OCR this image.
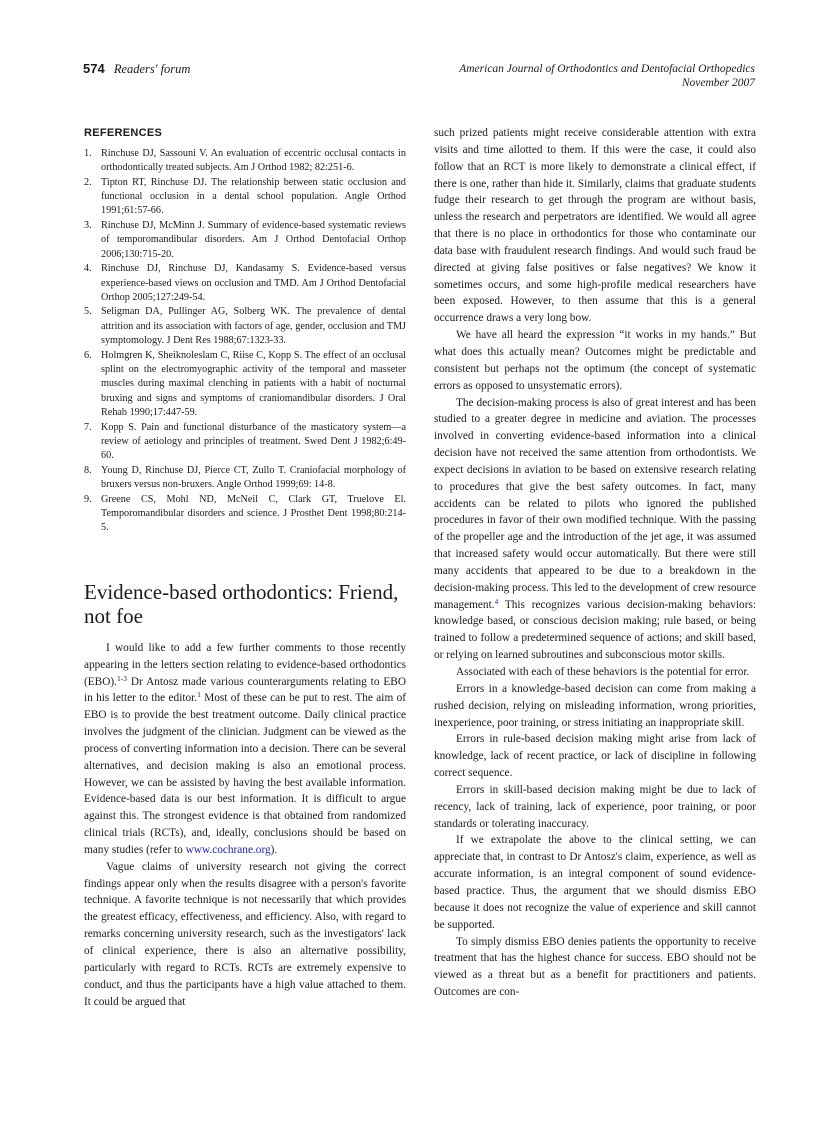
574 Readers' forum	American Journal of Orthodontics and Dentofacial Orthopedics
November 2007
REFERENCES
1. Rinchuse DJ, Sassouni V. An evaluation of eccentric occlusal contacts in orthodontically treated subjects. Am J Orthod 1982; 82:251-6.
2. Tipton RT, Rinchuse DJ. The relationship between static occlusion and functional occlusion in a dental school population. Angle Orthod 1991;61:57-66.
3. Rinchuse DJ, McMinn J. Summary of evidence-based systematic reviews of temporomandibular disorders. Am J Orthod Dentofacial Orthop 2006;130:715-20.
4. Rinchuse DJ, Rinchuse DJ, Kandasamy S. Evidence-based versus experience-based views on occlusion and TMD. Am J Orthod Dentofacial Orthop 2005;127:249-54.
5. Seligman DA, Pullinger AG, Solberg WK. The prevalence of dental attrition and its association with factors of age, gender, occlusion and TMJ symptomology. J Dent Res 1988;67:1323-33.
6. Holmgren K, Sheiknoleslam C, Riise C, Kopp S. The effect of an occlusal splint on the electromyographic activity of the temporal and masseter muscles during maximal clenching in patients with a habit of nocturnal bruxing and signs and symptoms of craniomandibular disorders. J Oral Rehab 1990;17:447-59.
7. Kopp S. Pain and functional disturbance of the masticatory system—a review of aetiology and principles of treatment. Swed Dent J 1982;6:49-60.
8. Young D, Rinchuse DJ, Pierce CT, Zullo T. Craniofacial morphology of bruxers versus non-bruxers. Angle Orthod 1999;69: 14-8.
9. Greene CS, Mohl ND, McNeil C, Clark GT, Truelove El. Temporomandibular disorders and science. J Prosthet Dent 1998;80:214-5.
Evidence-based orthodontics: Friend, not foe

I would like to add a few further comments to those recently appearing in the letters section relating to evidence-based orthodontics (EBO).$^{1-3}$ Dr Antosz made various counterarguments relating to EBO in his letter to the editor.$^1$ Most of these can be put to rest. The aim of EBO is to provide the best treatment outcome. Daily clinical practice involves the judgment of the clinician. Judgment can be viewed as the process of converting information into a decision. There can be several alternatives, and decision making is also an emotional process. However, we can be assisted by having the best available information. Evidence-based data is our best information. It is difficult to argue against this. The strongest evidence is that obtained from randomized clinical trials (RCTs), and, ideally, conclusions should be based on many studies (refer to www.cochrane.org).

Vague claims of university research not giving the correct findings appear only when the results disagree with a person's favorite technique. A favorite technique is not necessarily that which provides the greatest efficacy, effectiveness, and efficiency. Also, with regard to remarks concerning university research, such as the investigators' lack of clinical experience, there is also an alternative possibility, particularly with regard to RCTs. RCTs are extremely expensive to conduct, and thus the participants have a high value attached to them. It could be argued that

such prized patients might receive considerable attention with extra visits and time allotted to them. If this were the case, it could also follow that an RCT is more likely to demonstrate a clinical effect, if there is one, rather than hide it. Similarly, claims that graduate students fudge their research to get through the program are without basis, unless the research and perpetrators are identified. We would all agree that there is no place in orthodontics for those who contaminate our data base with fraudulent research findings. And would such fraud be directed at giving false positives or false negatives? We know it sometimes occurs, and some high-profile medical researchers have been exposed. However, to then assume that this is a general occurrence draws a very long bow.

We have all heard the expression “it works in my hands.” But what does this actually mean? Outcomes might be predictable and consistent but perhaps not the optimum (the concept of systematic errors as opposed to unsystematic errors).

The decision-making process is also of great interest and has been studied to a greater degree in medicine and aviation. The processes involved in converting evidence-based information into a clinical decision have not received the same attention from orthodontists. We expect decisions in aviation to be based on extensive research relating to procedures that give the best safety outcomes. In fact, many accidents can be related to pilots who ignored the published procedures in favor of their own modified technique. With the passing of the propeller age and the introduction of the jet age, it was assumed that increased safety would occur automatically. But there were still many accidents that appeared to be due to a breakdown in the decision-making process. This led to the development of crew resource management.$^4$ This recognizes various decision-making behaviors: knowledge based, or conscious decision making; rule based, or being trained to follow a predetermined sequence of actions; and skill based, or relying on learned subroutines and subconscious motor skills.

Associated with each of these behaviors is the potential for error.

Errors in a knowledge-based decision can come from making a rushed decision, relying on misleading information, wrong priorities, inexperience, poor training, or stress initiating an inappropriate skill.

Errors in rule-based decision making might arise from lack of knowledge, lack of recent practice, or lack of discipline in following correct sequence.

Errors in skill-based decision making might be due to lack of recency, lack of training, lack of experience, poor training, or poor standards or tolerating inaccuracy.

If we extrapolate the above to the clinical setting, we can appreciate that, in contrast to Dr Antosz's claim, experience, as well as accurate information, is an integral component of sound evidence-based practice. Thus, the argument that we should dismiss EBO because it does not recognize the value of experience and skill cannot be supported.

To simply dismiss EBO denies patients the opportunity to receive treatment that has the highest chance for success. EBO should not be viewed as a threat but as a benefit for practitioners and patients. Outcomes are con-
